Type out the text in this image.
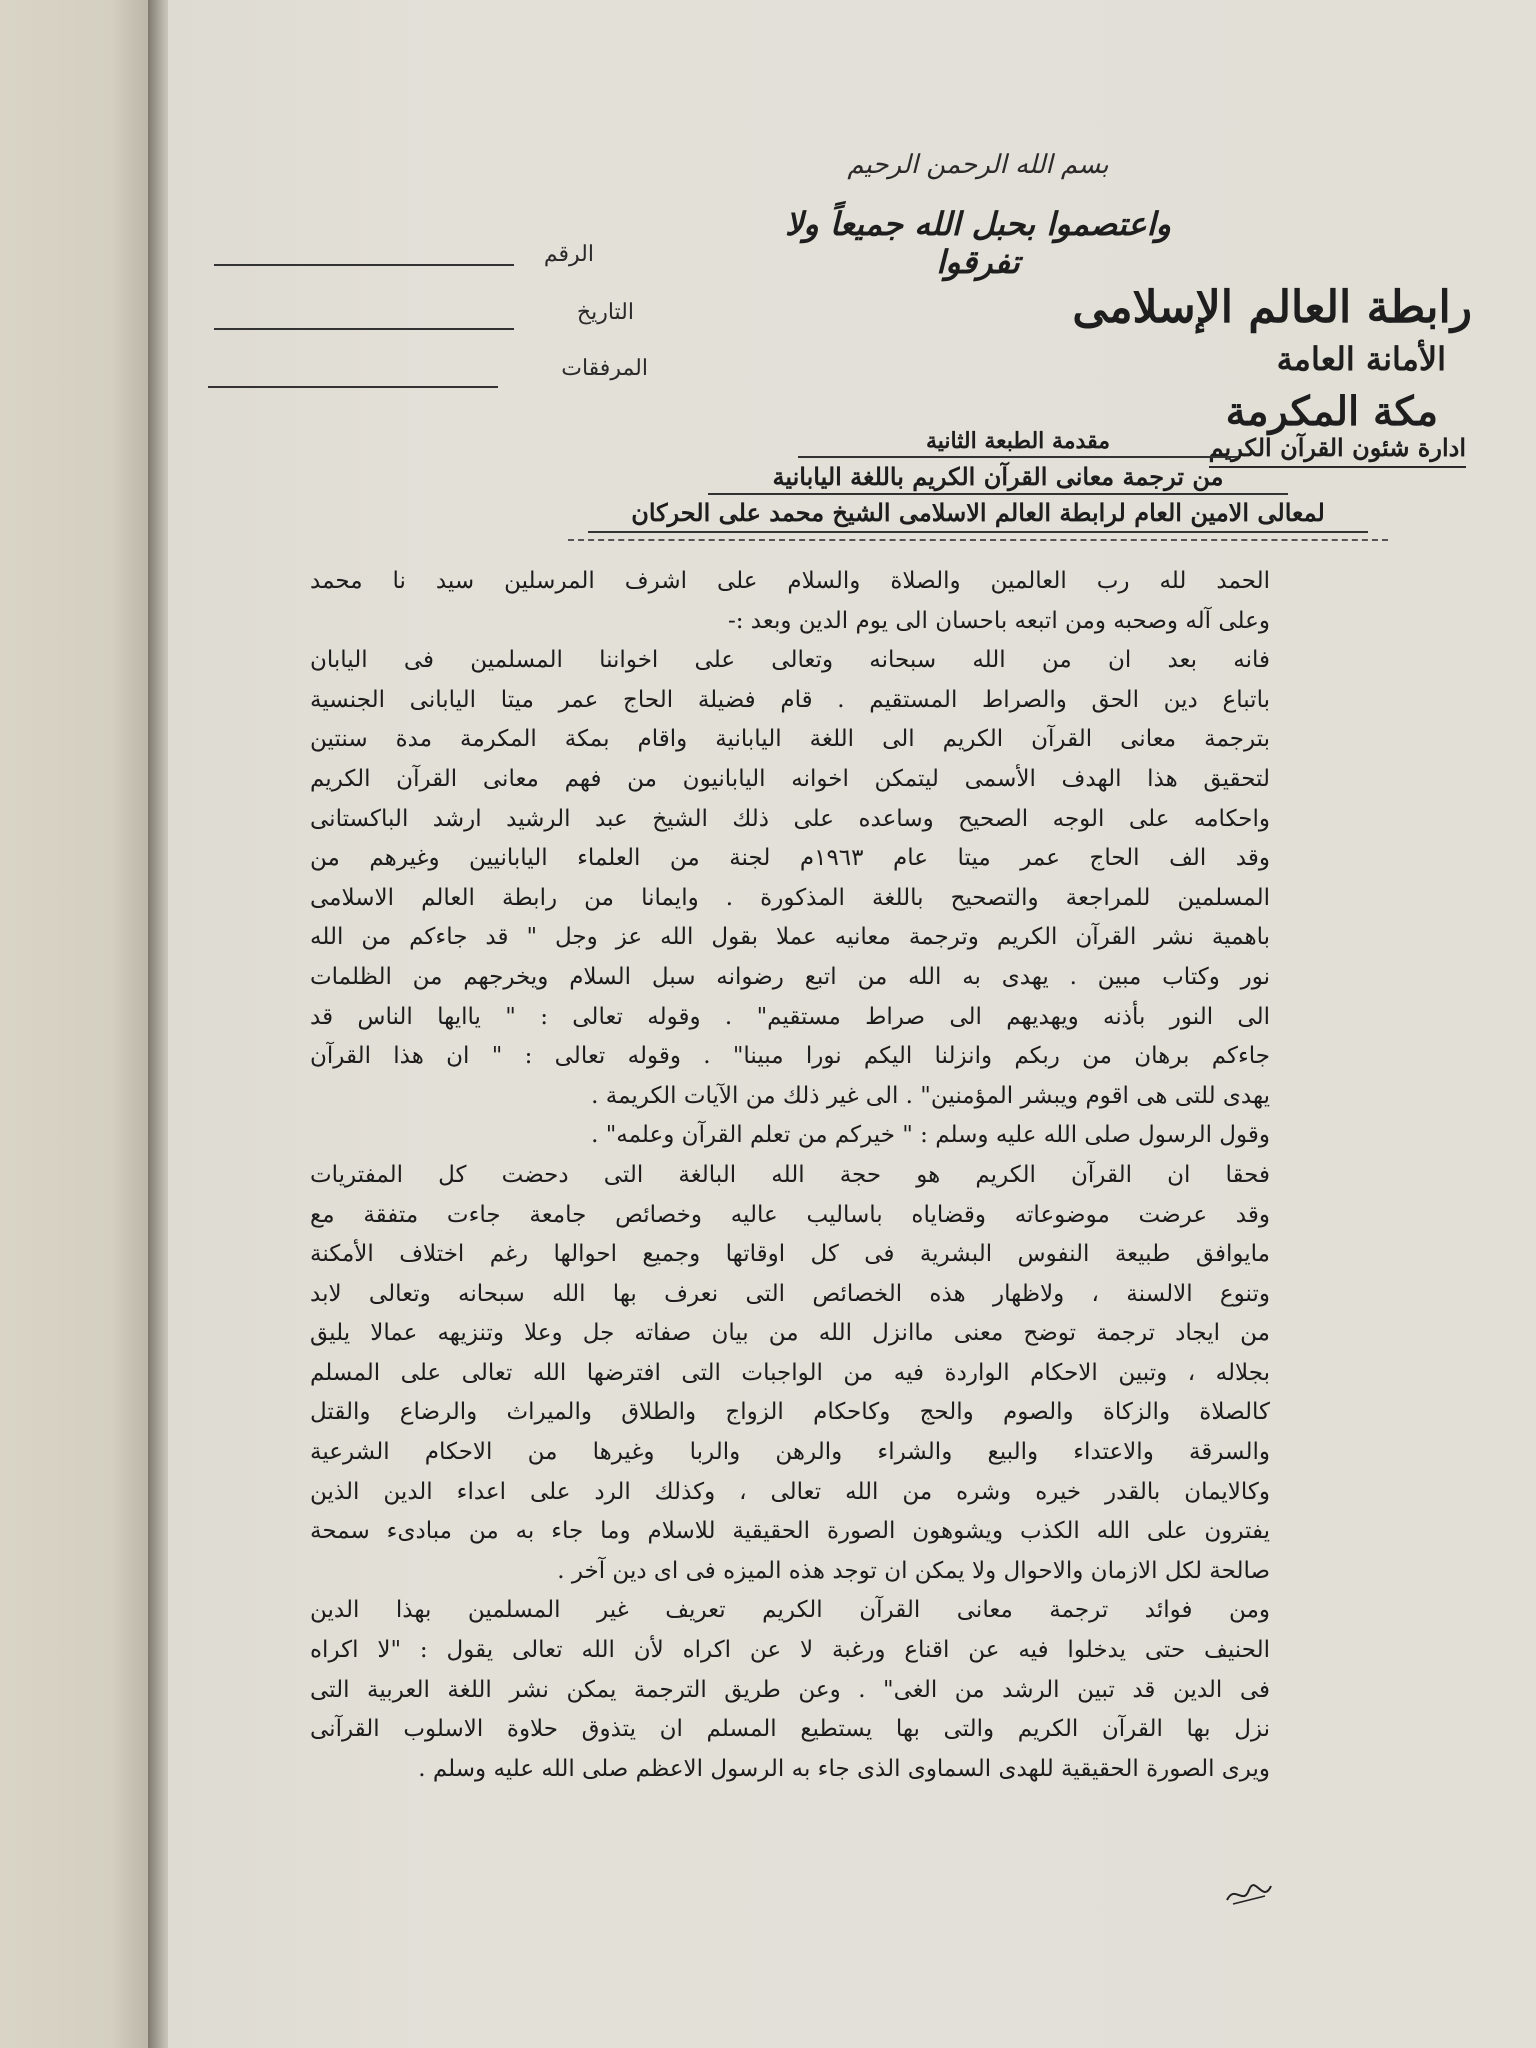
بسم الله الرحمن الرحيم
واعتصموا بحبل الله جميعاً ولا تفرقوا
رابطة العالم الإسلامى
الأمانة العامة
مكة المكرمة
ادارة شئون القرآن الكريم
الرقم
التاريخ
المرفقات
مقدمة الطبعة الثانية
من ترجمة معانى القرآن الكريم باللغة اليابانية
لمعالى الامين العام لرابطة العالم الاسلامى الشيخ محمد على الحركان
الحمد لله رب العالمين والصلاة والسلام على اشرف المرسلين سيد نا محمد
وعلى آله وصحبه ومن اتبعه باحسان الى يوم الدين وبعد :-
فانه بعد ان من الله سبحانه وتعالى على اخواننا المسلمين فى اليابان
باتباع دين الحق والصراط المستقيم . قام فضيلة الحاج عمر ميتا اليابانى الجنسية
بترجمة معانى القرآن الكريم الى اللغة اليابانية واقام بمكة المكرمة مدة سنتين
لتحقيق هذا الهدف الأسمى ليتمكن اخوانه اليابانيون من فهم معانى القرآن الكريم
واحكامه على الوجه الصحيح وساعده على ذلك الشيخ عبد الرشيد ارشد الباكستانى
وقد الف الحاج عمر ميتا عام ١٩٦٣م لجنة من العلماء اليابانيين وغيرهم من
المسلمين للمراجعة والتصحيح باللغة المذكورة . وايمانا من رابطة العالم الاسلامى
باهمية نشر القرآن الكريم وترجمة معانيه عملا بقول الله عز وجل " قد جاءكم من الله
نور وكتاب مبين . يهدى به الله من اتبع رضوانه سبل السلام ويخرجهم من الظلمات
الى النور بأذنه ويهديهم الى صراط مستقيم" . وقوله تعالى : " ياايها الناس قد
جاءكم برهان من ربكم وانزلنا اليكم نورا مبينا" . وقوله تعالى : " ان هذا القرآن
يهدى للتى هى اقوم ويبشر المؤمنين" . الى غير ذلك من الآيات الكريمة .
وقول الرسول صلى الله عليه وسلم : " خيركم من تعلم القرآن وعلمه" .
فحقا ان القرآن الكريم هو حجة الله البالغة التى دحضت كل المفتريات
وقد عرضت موضوعاته وقضاياه باساليب عاليه وخصائص جامعة جاءت متفقة مع
مايوافق طبيعة النفوس البشرية فى كل اوقاتها وجميع احوالها رغم اختلاف الأمكنة
وتنوع الالسنة ، ولاظهار هذه الخصائص التى نعرف بها الله سبحانه وتعالى لابد
من ايجاد ترجمة توضح معنى ماانزل الله من بيان صفاته جل وعلا وتنزيهه عمالا يليق
بجلاله ، وتبين الاحكام الواردة فيه من الواجبات التى افترضها الله تعالى على المسلم
كالصلاة والزكاة والصوم والحج وكاحكام الزواج والطلاق والميراث والرضاع والقتل
والسرقة والاعتداء والبيع والشراء والرهن والربا وغيرها من الاحكام الشرعية
وكالايمان بالقدر خيره وشره من الله تعالى ، وكذلك الرد على اعداء الدين الذين
يفترون على الله الكذب ويشوهون الصورة الحقيقية للاسلام وما جاء به من مبادىء سمحة
صالحة لكل الازمان والاحوال ولا يمكن ان توجد هذه الميزه فى اى دين آخر .
ومن فوائد ترجمة معانى القرآن الكريم تعريف غير المسلمين بهذا الدين
الحنيف حتى يدخلوا فيه عن اقناع ورغبة لا عن اكراه لأن الله تعالى يقول : "لا اكراه
فى الدين قد تبين الرشد من الغى" . وعن طريق الترجمة يمكن نشر اللغة العربية التى
نزل بها القرآن الكريم والتى بها يستطيع المسلم ان يتذوق حلاوة الاسلوب القرآنى
ويرى الصورة الحقيقية للهدى السماوى الذى جاء به الرسول الاعظم صلى الله عليه وسلم .
